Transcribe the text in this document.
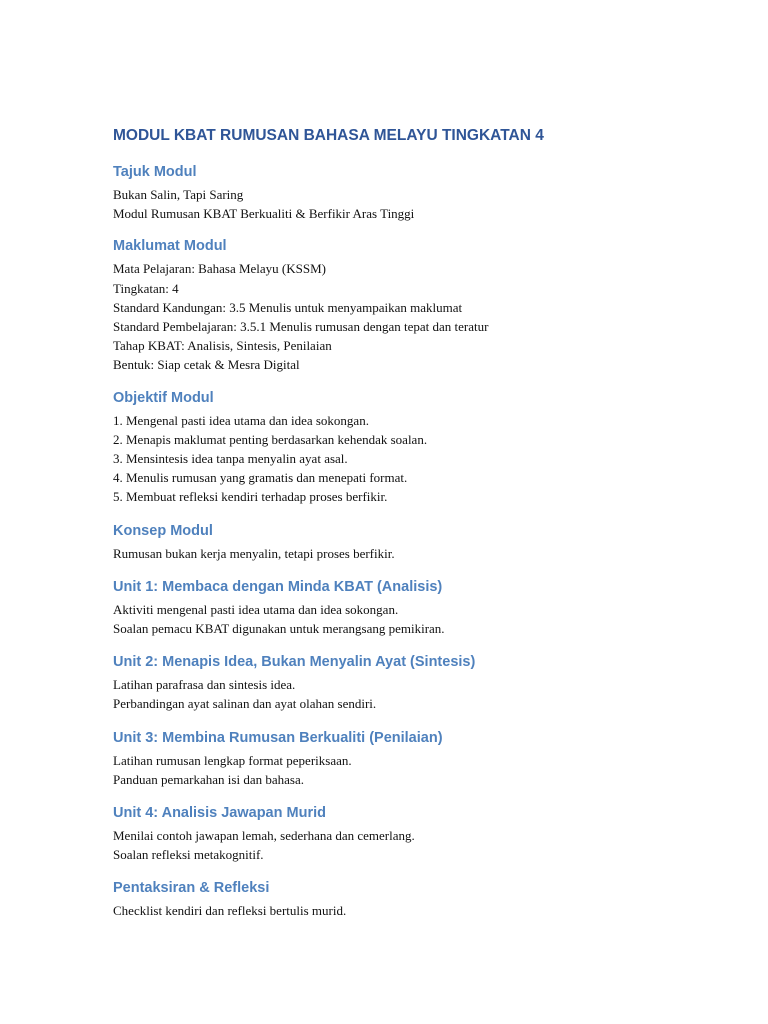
MODUL KBAT RUMUSAN BAHASA MELAYU TINGKATAN 4
Tajuk Modul

Bukan Salin, Tapi Saring

Modul Rumusan KBAT Berkualiti & Berfikir Aras Tinggi

Maklumat Modul

Mata Pelajaran: Bahasa Melayu (KSSM)

Tingkatan: 4

Standard Kandungan: 3.5 Menulis untuk menyampaikan maklumat

Standard Pembelajaran: 3.5.1 Menulis rumusan dengan tepat dan teratur

Tahap KBAT: Analisis, Sintesis, Penilaian

Bentuk: Siap cetak & Mesra Digital

Objektif Modul

1. Mengenal pasti idea utama dan idea sokongan.

2. Menapis maklumat penting berdasarkan kehendak soalan.

3. Mensintesis idea tanpa menyalin ayat asal.

4. Menulis rumusan yang gramatis dan menepati format.

5. Membuat refleksi kendiri terhadap proses berfikir.

Konsep Modul

Rumusan bukan kerja menyalin, tetapi proses berfikir.

Unit 1: Membaca dengan Minda KBAT (Analisis)

Aktiviti mengenal pasti idea utama dan idea sokongan.

Soalan pemacu KBAT digunakan untuk merangsang pemikiran.

Unit 2: Menapis Idea, Bukan Menyalin Ayat (Sintesis)

Latihan parafrasa dan sintesis idea.

Perbandingan ayat salinan dan ayat olahan sendiri.

Unit 3: Membina Rumusan Berkualiti (Penilaian)

Latihan rumusan lengkap format peperiksaan.

Panduan pemarkahan isi dan bahasa.

Unit 4: Analisis Jawapan Murid

Menilai contoh jawapan lemah, sederhana dan cemerlang.

Soalan refleksi metakognitif.

Pentaksiran & Refleksi

Checklist kendiri dan refleksi bertulis murid.
